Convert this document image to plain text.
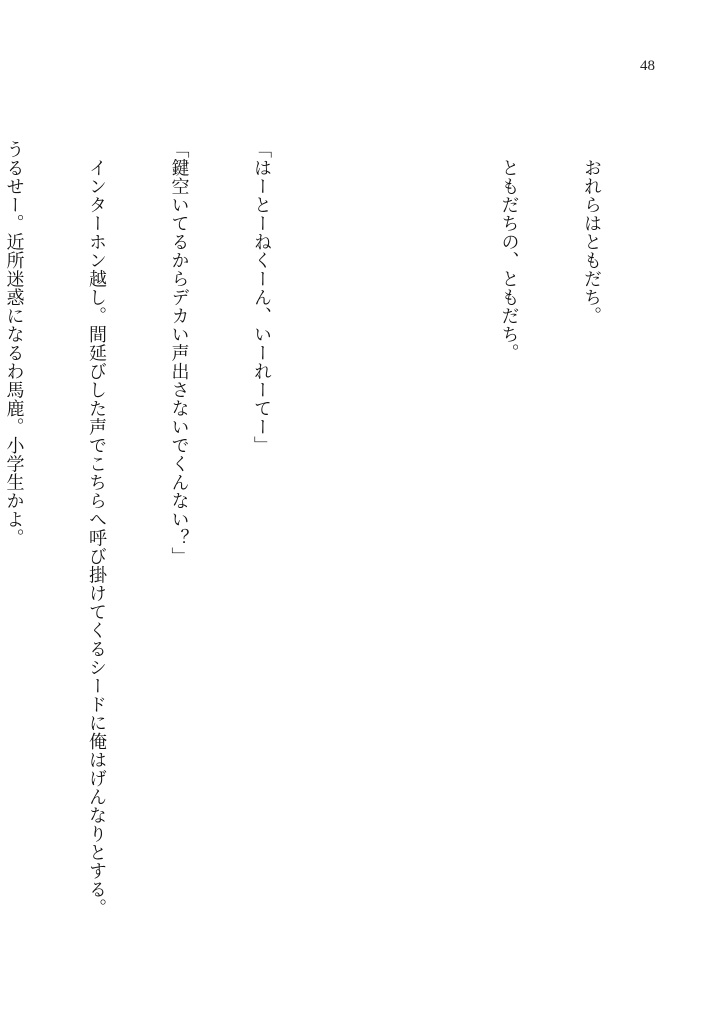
48

　おれらはともだち。

　ともだちの、ともだち。

「はーとーねくーん、いーれーてー」

「鍵空いてるからデカい声出さないでくんない？」

　インターホン越し。間延びした声でこちらへ呼び掛けてくるシードに俺はげんなりとする。

うるせー。近所迷惑になるわ馬鹿。小学生かよ。
